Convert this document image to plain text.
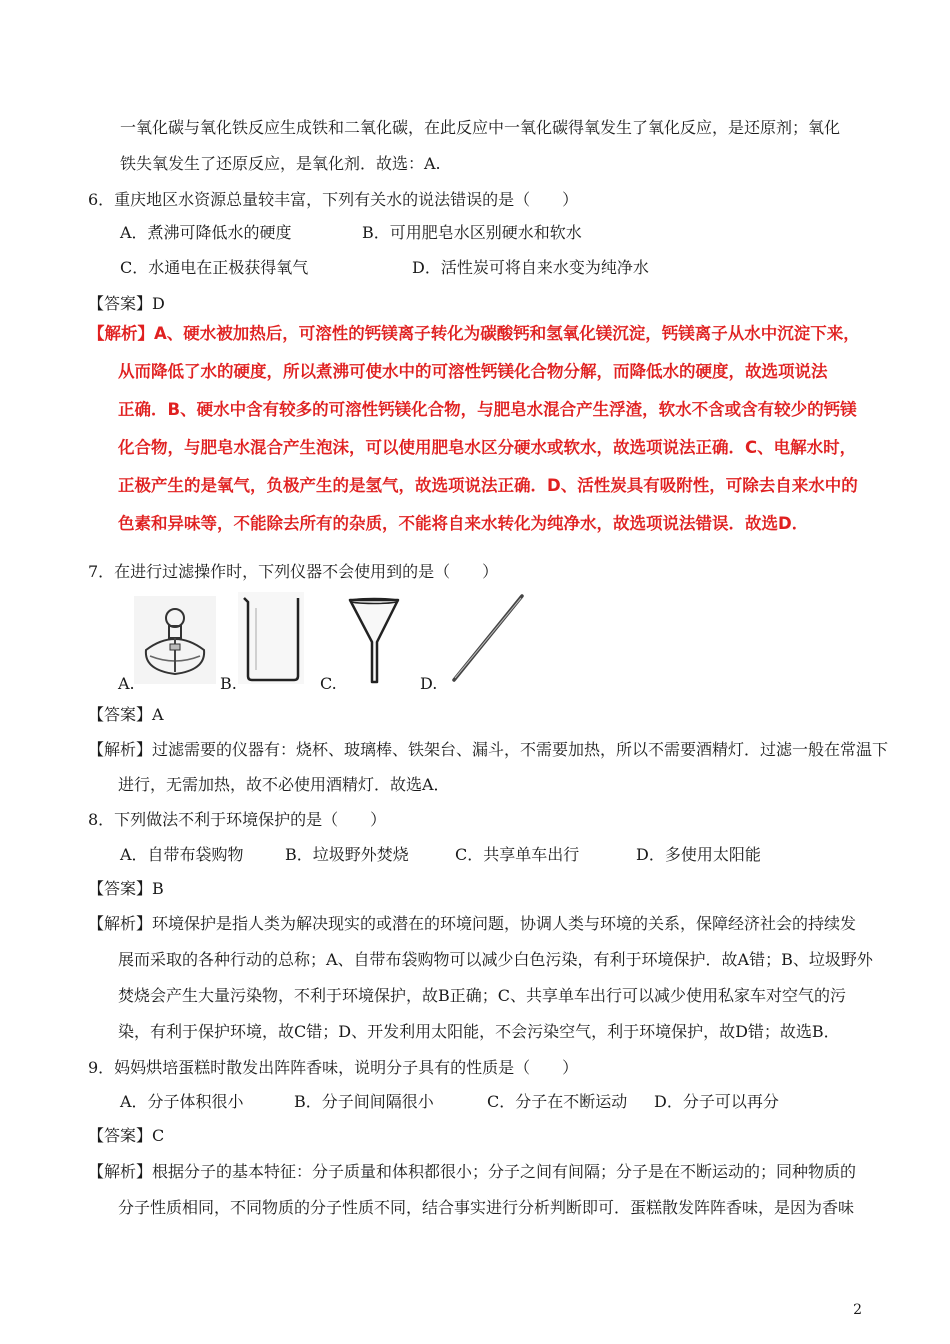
一氧化碳与氧化铁反应生成铁和二氧化碳，在此反应中一氧化碳得氧发生了氧化反应，是还原剂；氧化
铁失氧发生了还原反应，是氧化剂．故选：A.
6．重庆地区水资源总量较丰富，下列有关水的说法错误的是（　　）
A．煮沸可降低水的硬度	B．可用肥皂水区别硬水和软水
C．水通电在正极获得氧气	D．活性炭可将自来水变为纯净水
【答案】D
【解析】A、硬水被加热后，可溶性的钙镁离子转化为碳酸钙和氢氧化镁沉淀，钙镁离子从水中沉淀下来，
从而降低了水的硬度，所以煮沸可使水中的可溶性钙镁化合物分解，而降低水的硬度，故选项说法
正确．B、硬水中含有较多的可溶性钙镁化合物，与肥皂水混合产生浮渣，软水不含或含有较少的钙镁
化合物，与肥皂水混合产生泡沫，可以使用肥皂水区分硬水或软水，故选项说法正确．C、电解水时，
正极产生的是氧气，负极产生的是氢气，故选项说法正确．D、活性炭具有吸附性，可除去自来水中的
色素和异味等，不能除去所有的杂质，不能将自来水转化为纯净水，故选项说法错误．故选D．
7．在进行过滤操作时，下列仪器不会使用到的是（　　）
A.	B.	C.	D.
【答案】A
【解析】过滤需要的仪器有：烧杯、玻璃棒、铁架台、漏斗，不需要加热，所以不需要酒精灯．过滤一般在常温下
进行，无需加热，故不必使用酒精灯．故选A．
8．下列做法不利于环境保护的是（　　）
A．自带布袋购物	B．垃圾野外焚烧	C．共享单车出行	D．多使用太阳能
【答案】B
【解析】环境保护是指人类为解决现实的或潜在的环境问题，协调人类与环境的关系，保障经济社会的持续发
展而采取的各种行动的总称；A、自带布袋购物可以减少白色污染，有利于环境保护．故A错；B、垃圾野外
焚烧会产生大量污染物，不利于环境保护，故B正确；C、共享单车出行可以减少使用私家车对空气的污
染，有利于保护环境，故C错；D、开发利用太阳能，不会污染空气，利于环境保护，故D错；故选B．
9．妈妈烘培蛋糕时散发出阵阵香味，说明分子具有的性质是（　　）
A．分子体积很小	B．分子间间隔很小	C．分子在不断运动 D．分子可以再分
【答案】C
【解析】根据分子的基本特征：分子质量和体积都很小；分子之间有间隔；分子是在不断运动的；同种物质的
分子性质相同，不同物质的分子性质不同，结合事实进行分析判断即可．蛋糕散发阵阵香味，是因为香味
2
